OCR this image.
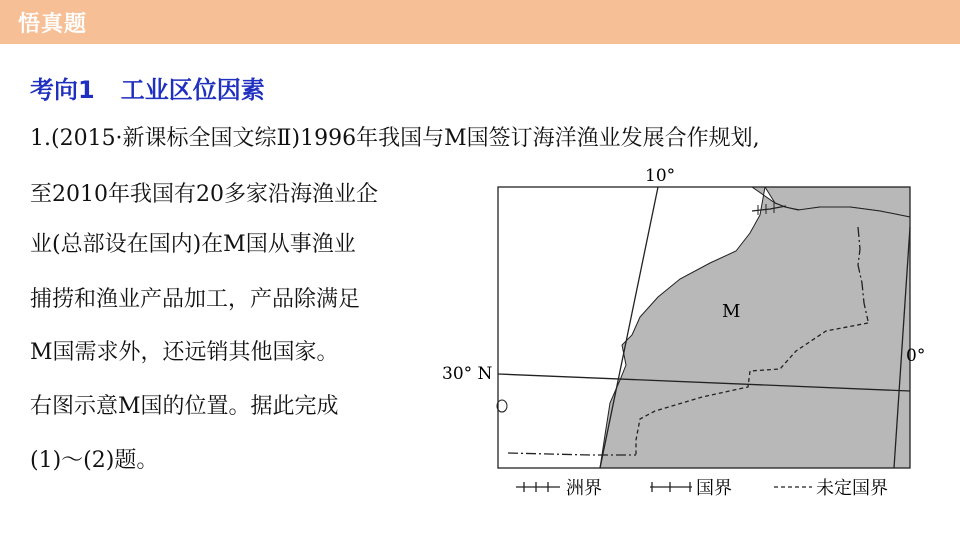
悟真题
考向1 工业区位因素
1.(2015·新课标全国文综Ⅱ)1996年我国与M国签订海洋渔业发展合作规划,
至2010年我国有20多家沿海渔业企
业(总部设在国内)在M国从事渔业
捕捞和渔业产品加工，产品除满足
M国需求外，还远销其他国家。
右图示意M国的位置。据此完成
(1)～(2)题。
10°
30° N
0°
M
洲界	国界	未定国界
